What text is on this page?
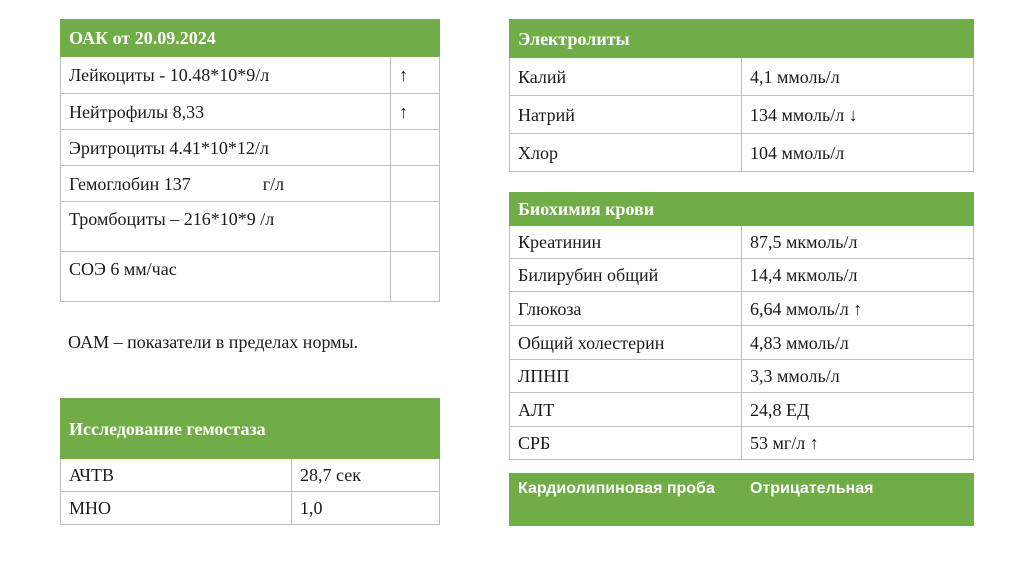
ОАК от 20.09.2024	
Лейкоциты - 10.48*10*9/л	↑
Нейтрофилы 8,33	↑
Эритроциты 4.41*10*12/л	
Гемоглобин 137                г/л	
Тромбоциты – 216*10*9 /л	
СОЭ 6 мм/час	
ОАМ – показатели в пределах нормы.
Исследование гемостаза	
АЧТВ	28,7 сек
МНО	1,0
Электролиты	
Калий	4,1 ммоль/л
Натрий	134 ммоль/л ↓
Хлор	104 ммоль/л
Биохимия крови	
Креатинин	87,5 мкмоль/л
Билирубин общий	14,4 мкмоль/л
Глюкоза	6,64 ммоль/л ↑
Общий холестерин	4,83 ммоль/л
ЛПНП	3,3 ммоль/л
АЛТ	24,8 ЕД
СРБ	53 мг/л ↑
Кардиолипиновая проба	Отрицательная
